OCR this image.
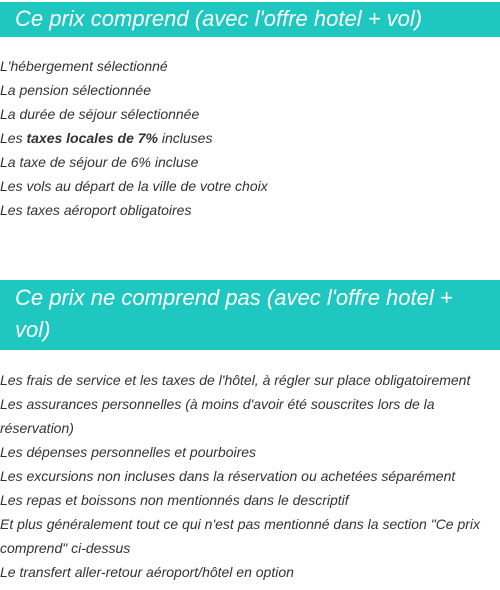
Ce prix comprend (avec l'offre hotel + vol)
L'hébergement sélectionné
La pension sélectionnée
La durée de séjour sélectionnée
Les taxes locales de 7% incluses
La taxe de séjour de 6% incluse
Les vols au départ de la ville de votre choix
Les taxes aéroport obligatoires
Ce prix ne comprend pas (avec l'offre hotel + vol)
Les frais de service et les taxes de l'hôtel, à régler sur place obligatoirement
Les assurances personnelles (à moins d'avoir été souscrites lors de la réservation)
Les dépenses personnelles et pourboires
Les excursions non incluses dans la réservation ou achetées séparément
Les repas et boissons non mentionnés dans le descriptif
Et plus généralement tout ce qui n'est pas mentionné dans la section "Ce prix comprend" ci-dessus
Le transfert aller-retour aéroport/hôtel en option
